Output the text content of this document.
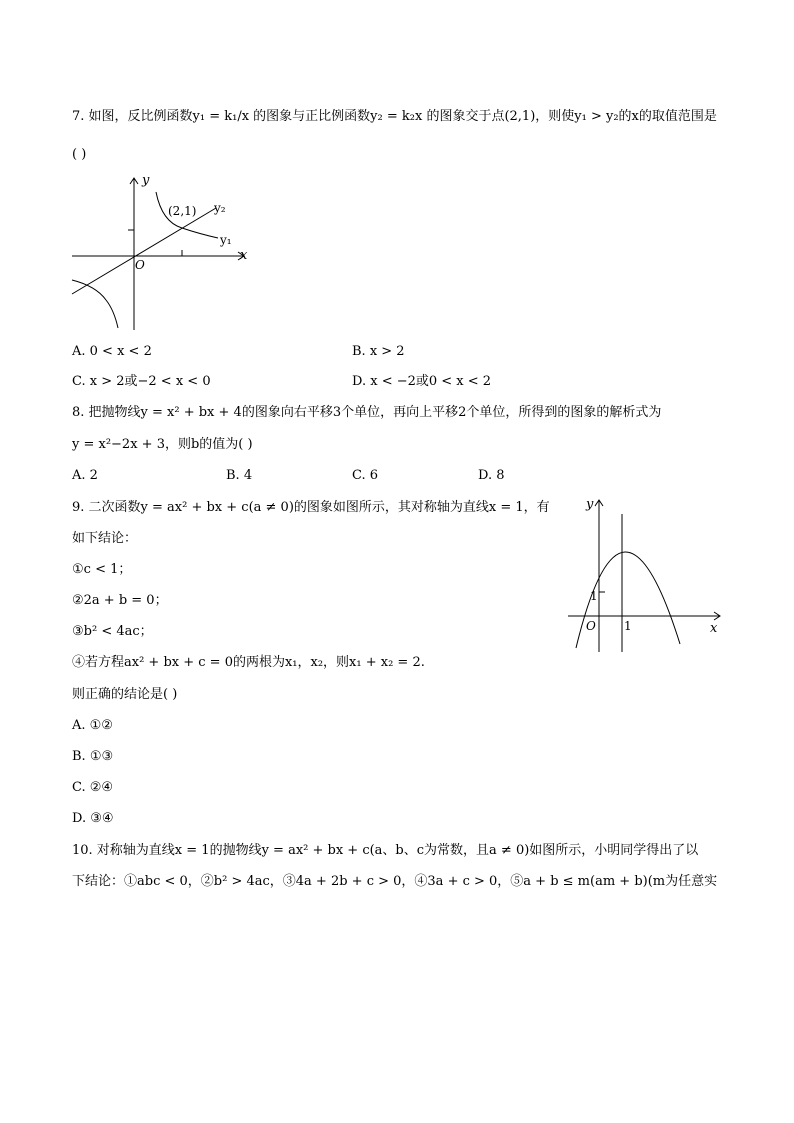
7. 如图，反比例函数y₁ = k₁/x 的图象与正比例函数y₂ = k₂x 的图象交于点(2,1)，则使y₁ > y₂的x的取值范围是
( )
y
x
O
(2,1) y₂
y₁
A. 0 < x < 2	B. x > 2
C. x > 2或−2 < x < 0	D. x < −2或0 < x < 2
8. 把抛物线y = x² + bx + 4的图象向右平移3个单位，再向上平移2个单位，所得到的图象的解析式为
y = x²−2x + 3，则b的值为( )
A. 2	B. 4	C. 6	D. 8
9. 二次函数y = ax² + bx + c(a ≠ 0)的图象如图所示，其对称轴为直线x = 1，有
如下结论：
①c < 1；
②2a + b = 0；
③b² < 4ac；
④若方程ax² + bx + c = 0的两根为x₁，x₂，则x₁ + x₂ = 2.
则正确的结论是( )
A. ①②
B. ①③
C. ②④
D. ③④
y
x
O 1
1
10. 对称轴为直线x = 1的抛物线y = ax² + bx + c(a、b、c为常数，且a ≠ 0)如图所示，小明同学得出了以
下结论：①abc < 0，②b² > 4ac，③4a + 2b + c > 0，④3a + c > 0，⑤a + b ≤ m(am + b)(m为任意实
